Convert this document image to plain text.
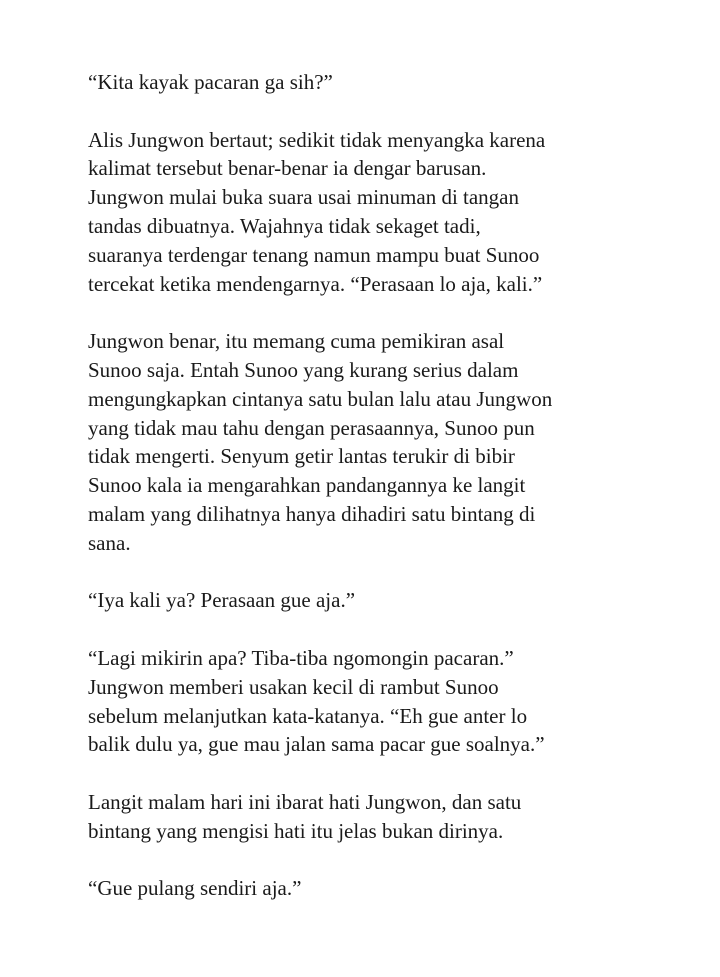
“Kita kayak pacaran ga sih?”

Alis Jungwon bertaut; sedikit tidak menyangka karena
kalimat tersebut benar-benar ia dengar barusan.
Jungwon mulai buka suara usai minuman di tangan
tandas dibuatnya. Wajahnya tidak sekaget tadi,
suaranya terdengar tenang namun mampu buat Sunoo
tercekat ketika mendengarnya. “Perasaan lo aja, kali.”

Jungwon benar, itu memang cuma pemikiran asal
Sunoo saja. Entah Sunoo yang kurang serius dalam
mengungkapkan cintanya satu bulan lalu atau Jungwon
yang tidak mau tahu dengan perasaannya, Sunoo pun
tidak mengerti. Senyum getir lantas terukir di bibir
Sunoo kala ia mengarahkan pandangannya ke langit
malam yang dilihatnya hanya dihadiri satu bintang di
sana.

“Iya kali ya? Perasaan gue aja.”

“Lagi mikirin apa? Tiba-tiba ngomongin pacaran.”
Jungwon memberi usakan kecil di rambut Sunoo
sebelum melanjutkan kata-katanya. “Eh gue anter lo
balik dulu ya, gue mau jalan sama pacar gue soalnya.”

Langit malam hari ini ibarat hati Jungwon, dan satu
bintang yang mengisi hati itu jelas bukan dirinya.

“Gue pulang sendiri aja.”
